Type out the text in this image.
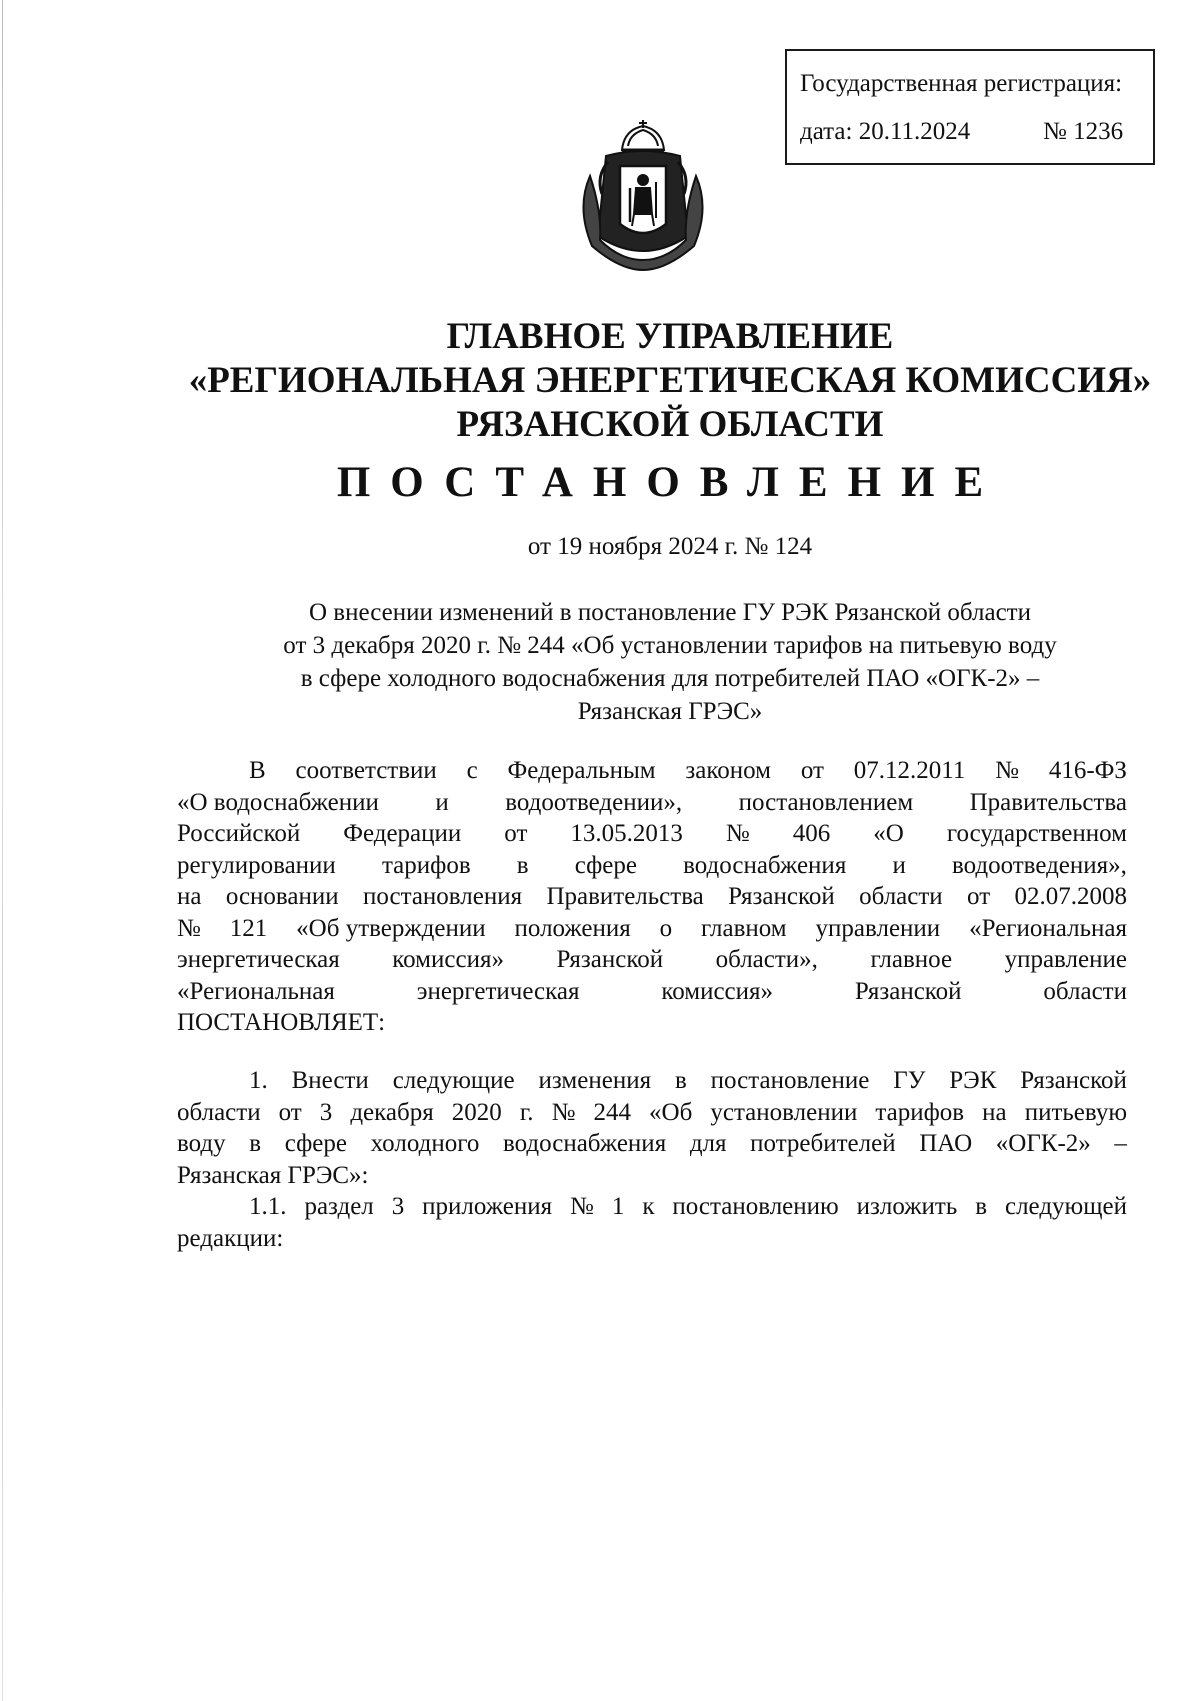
Государственная регистрация:
дата: 20.11.2024	№ 1236
ГЛАВНОЕ УПРАВЛЕНИЕ
«РЕГИОНАЛЬНАЯ ЭНЕРГЕТИЧЕСКАЯ КОМИССИЯ»
РЯЗАНСКОЙ ОБЛАСТИ
ПОСТАНОВЛЕНИЕ
от 19 ноября 2024 г. № 124
О внесении изменений в постановление ГУ РЭК Рязанской области
от 3 декабря 2020 г. № 244 «Об установлении тарифов на питьевую воду
в сфере холодного водоснабжения для потребителей ПАО «ОГК-2» –
Рязанская ГРЭС»
В соответствии с Федеральным законом от 07.12.2011 № 416-ФЗ
«О водоснабжении и водоотведении», постановлением Правительства
Российской Федерации от 13.05.2013 № 406 «О государственном
регулировании тарифов в сфере водоснабжения и водоотведения»,
на основании постановления Правительства Рязанской области от 02.07.2008
№ 121 «Об утверждении положения о главном управлении «Региональная
энергетическая комиссия» Рязанской области», главное управление
«Региональная	энергетическая	комиссия»	Рязанской	области
ПОСТАНОВЛЯЕТ:
1. Внести следующие изменения в постановление ГУ РЭК Рязанской
области от 3 декабря 2020 г. № 244 «Об установлении тарифов на питьевую
воду в сфере холодного водоснабжения для потребителей ПАО «ОГК-2» –
Рязанская ГРЭС»:
1.1. раздел 3 приложения № 1 к постановлению изложить в следующей
редакции:
